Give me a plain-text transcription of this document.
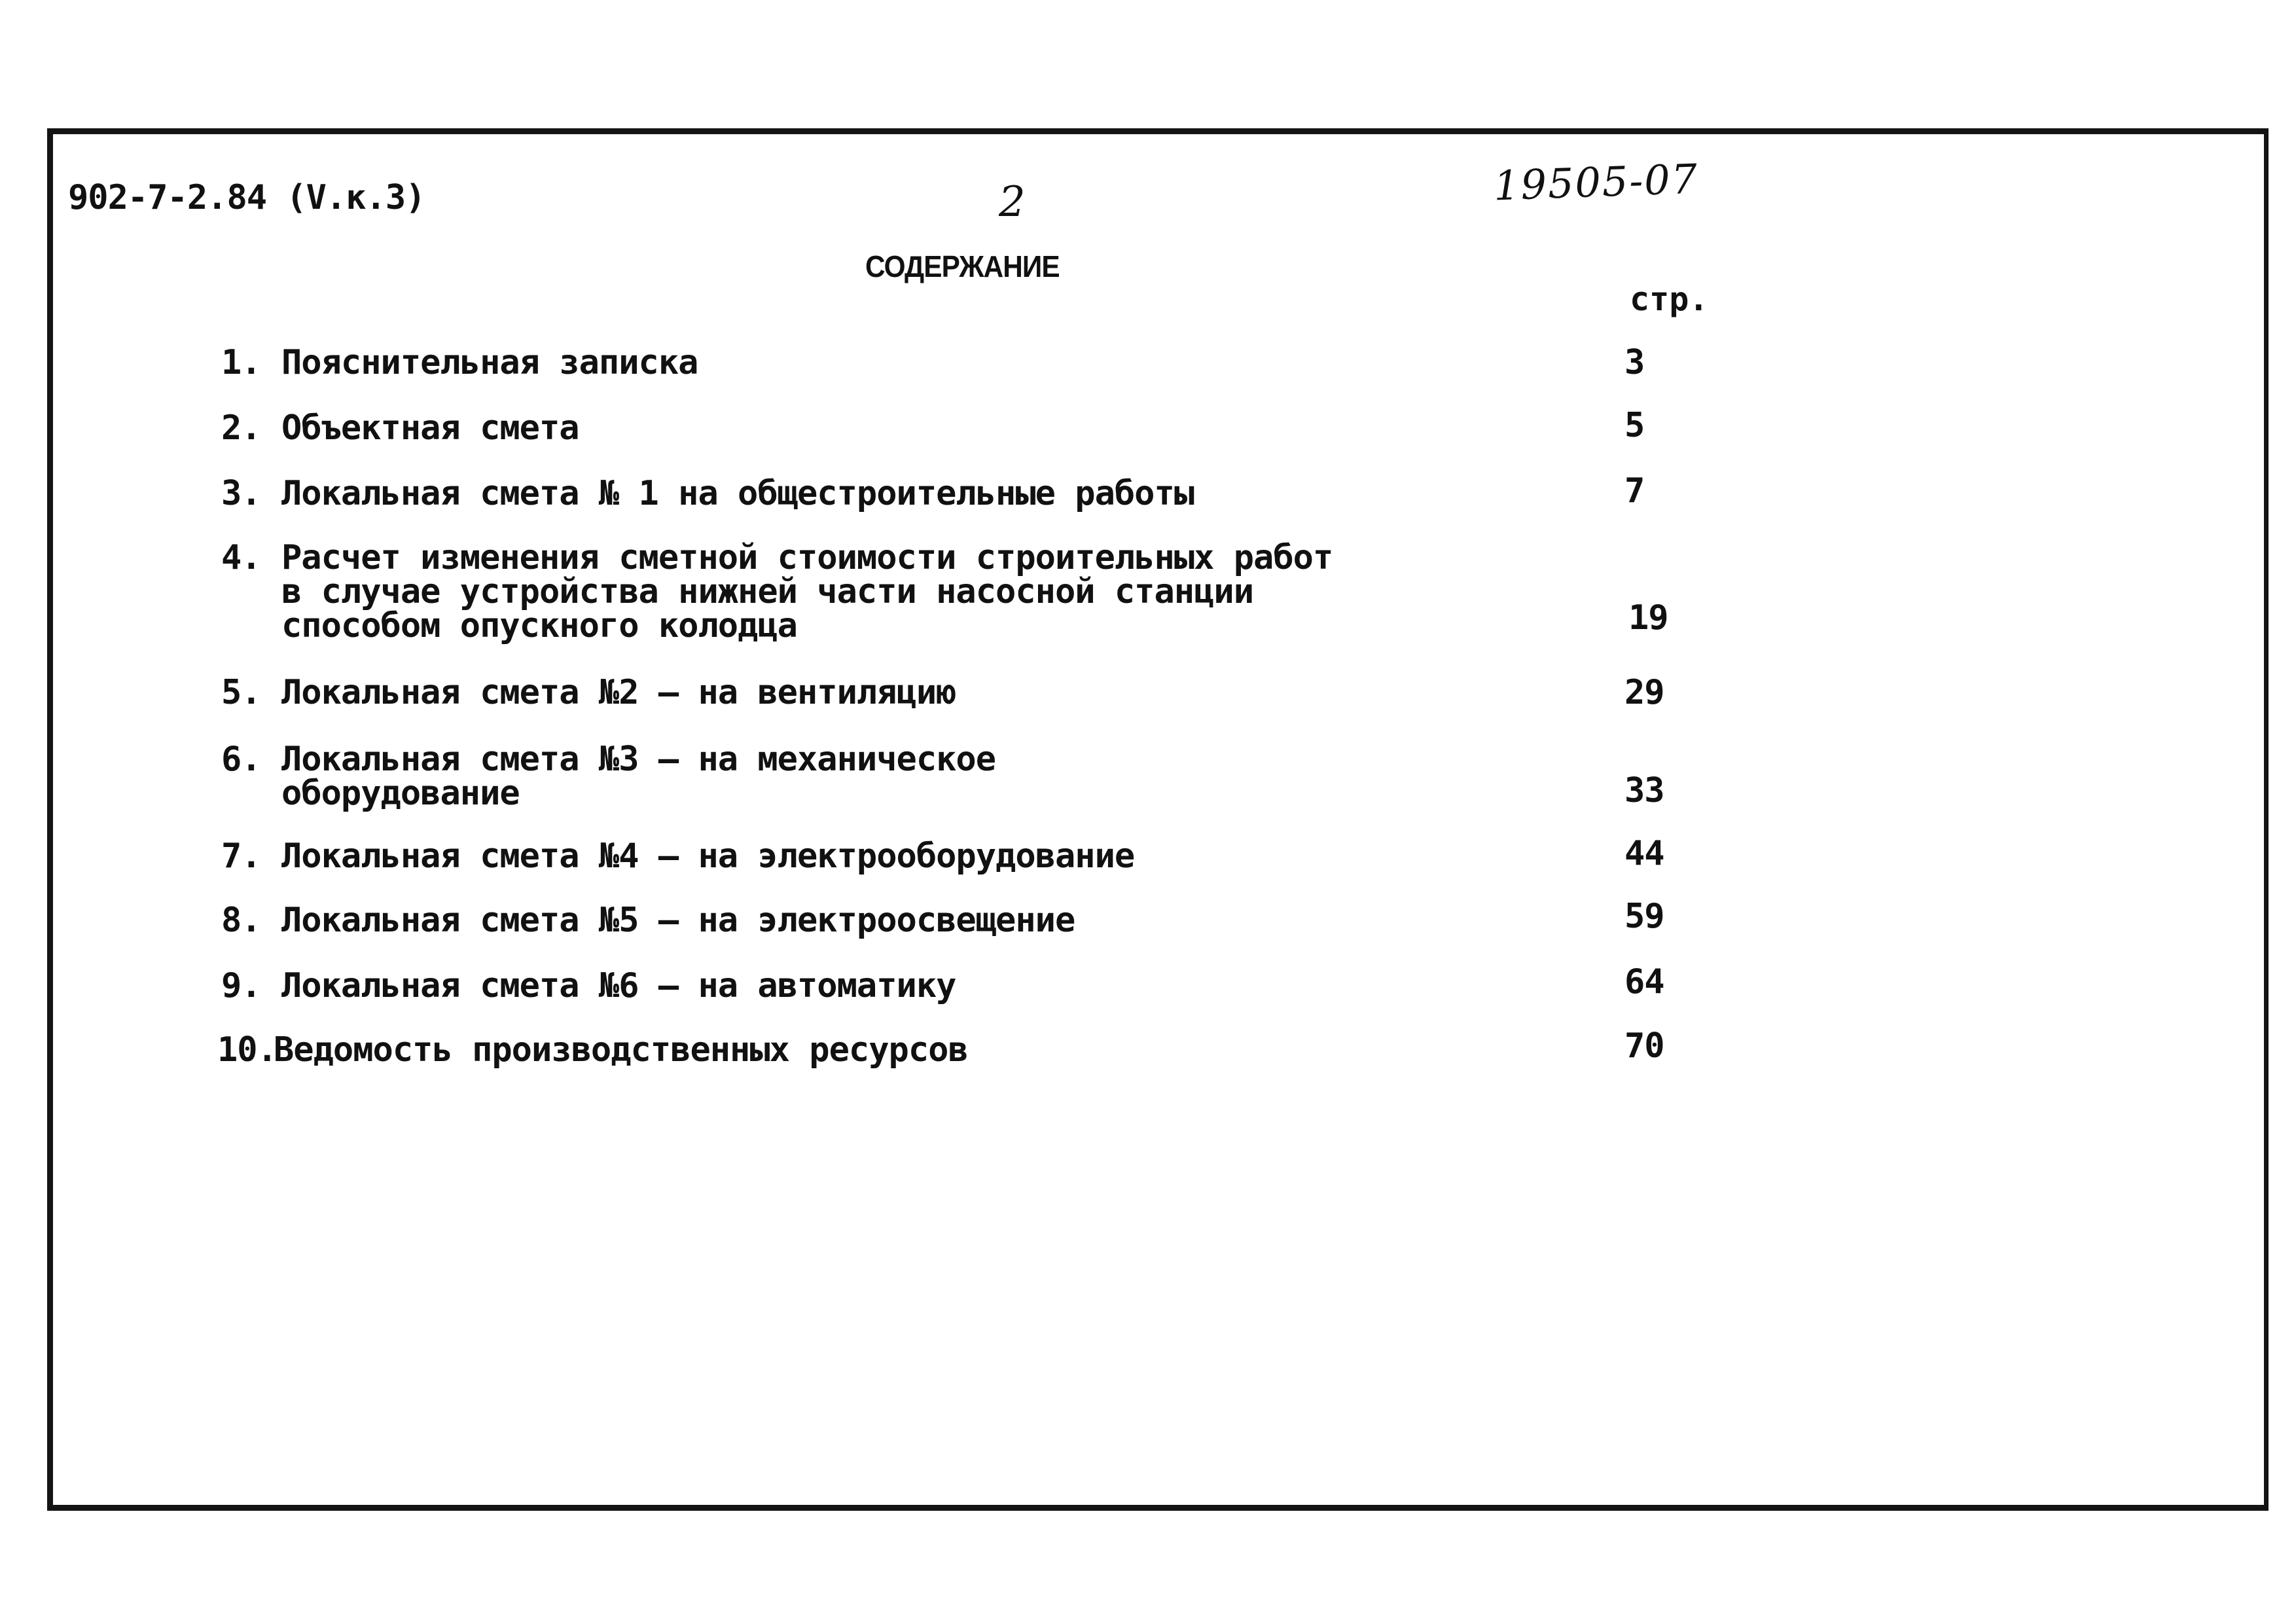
902-7-2.84 (V.к.3)	2	19505-07
СОДЕРЖАНИЕ
стр.
1. Пояснительная записка	3
2. Объектная смета	5
3. Локальная смета № 1 на общестроительные работы	7
4. Расчет изменения сметной стоимости строительных работ
в случае устройства нижней части насосной станции
способом опускного колодца	19
5. Локальная смета №2 – на вентиляцию	29
6. Локальная смета №3 – на механическое
оборудование	33
7. Локальная смета №4 – на электрооборудование	44
8. Локальная смета №5 – на электроосвещение	59
9. Локальная смета №6 – на автоматику	64
10.Ведомость производственных ресурсов	70
